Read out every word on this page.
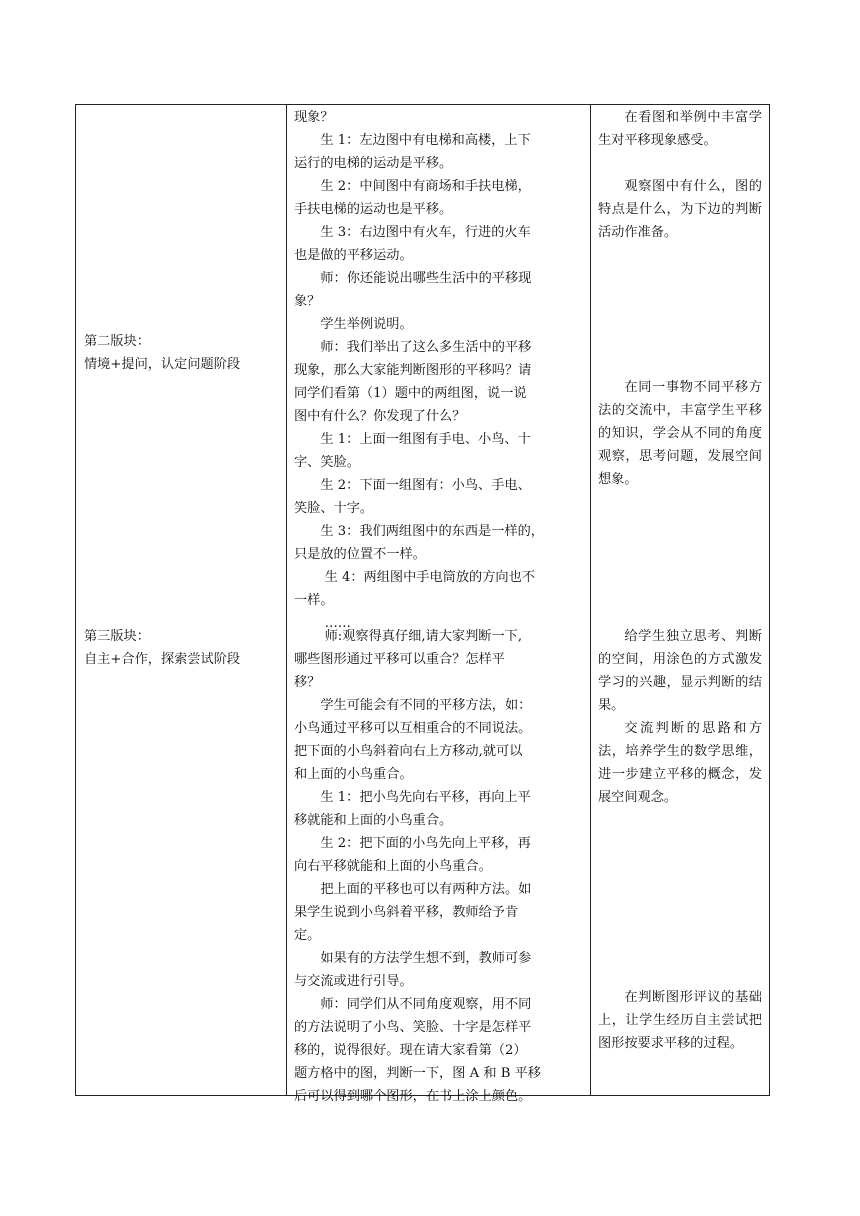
第二版块：
情境+提问，认定问题阶段
第三版块：
自主+合作，探索尝试阶段
现象？
　　生 1：左边图中有电梯和高楼，上下
运行的电梯的运动是平移。
　　生 2：中间图中有商场和手扶电梯，
手扶电梯的运动也是平移。
　　生 3：右边图中有火车，行进的火车
也是做的平移运动。
　　师：你还能说出哪些生活中的平移现
象？
　　学生举例说明。
　　师：我们举出了这么多生活中的平移
现象，那么大家能判断图形的平移吗？请
同学们看第（1）题中的两组图，说一说
图中有什么？你发现了什么？
　　生 1：上面一组图有手电、小鸟、十
字、笑脸。
　　生 2：下面一组图有：小鸟、手电、
笑脸、十字。
　　生 3：我们两组图中的东西是一样的，
只是放的位置不一样。
　　 生 4：两组图中手电筒放的方向也不
一样。
　　 ……
　　 师:观察得真仔细,请大家判断一下,
哪些图形通过平移可以重合？怎样平
移？
　　学生可能会有不同的平移方法，如：
小鸟通过平移可以互相重合的不同说法。
把下面的小鸟斜着向右上方移动,就可以
和上面的小鸟重合。
　　生 1：把小鸟先向右平移，再向上平
移就能和上面的小鸟重合。
　　生 2：把下面的小鸟先向上平移，再
向右平移就能和上面的小鸟重合。
　　把上面的平移也可以有两种方法。如
果学生说到小鸟斜着平移，教师给予肯
定。
　　如果有的方法学生想不到，教师可参
与交流或进行引导。
　　师：同学们从不同角度观察，用不同
的方法说明了小鸟、笑脸、十字是怎样平
移的，说得很好。现在请大家看第（2）
题方格中的图，判断一下，图 A 和 B 平移
后可以得到哪个图形，在书上涂上颜色。

在看图和举例中丰富学生对平移现象感受。

观察图中有什么，图的特点是什么，为下边的判断活动作准备。

在同一事物不同平移方法的交流中，丰富学生平移的知识，学会从不同的角度观察，思考问题，发展空间想象。

给学生独立思考、判断的空间，用涂色的方式激发学习的兴趣，显示判断的结果。

交流判断的思路和方法，培养学生的数学思维，进一步建立平移的概念，发展空间观念。

在判断图形评议的基础上，让学生经历自主尝试把图形按要求平移的过程。
